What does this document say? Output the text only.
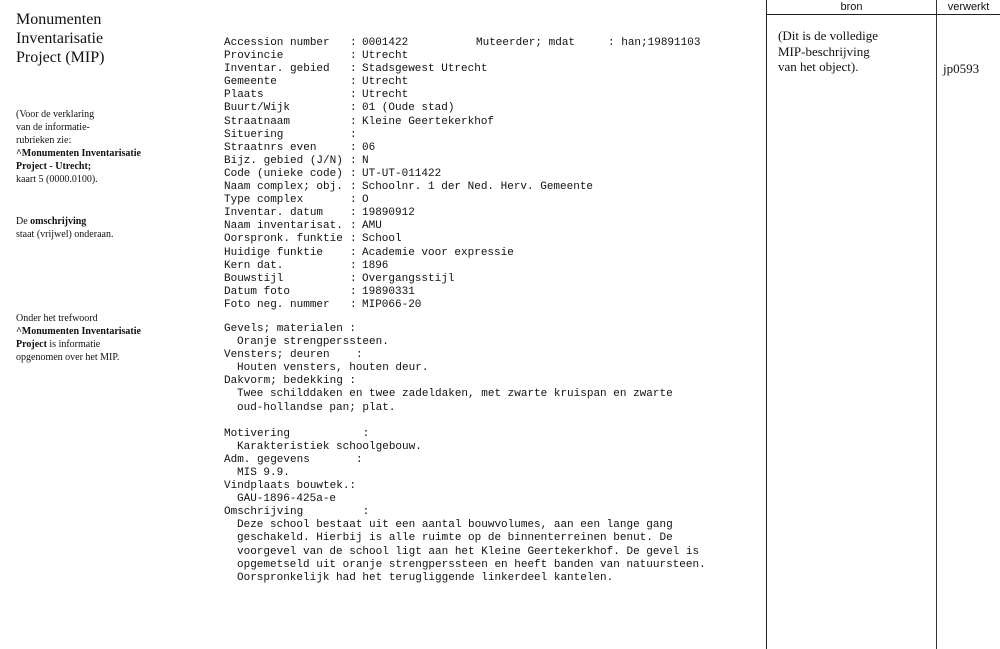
Monumenten
Inventarisatie
Project (MIP)
(Voor de verklaring
van de informatie-
rubrieken zie:
^Monumenten Inventarisatie
Project - Utrecht;
kaart 5 (0000.0100).
De omschrijving
staat (vrijwel) onderaan.
Onder het trefwoord
^Monumenten Inventarisatie
Project is informatie
opgenomen over het MIP.
Muteerder; mdat     : han;19891103
Accession number : 0001422
Provincie	: Utrecht
Inventar. gebied : Stadsgewest Utrecht
Gemeente	: Utrecht
Plaats	: Utrecht
Buurt/Wijk	: 01 (Oude stad)
Straatnaam	: Kleine Geertekerkhof
Situering	:
Straatnrs even	: 06
Bijz. gebied (J/N) : N
Code (unieke code) : UT-UT-011422
Naam complex; obj. : Schoolnr. 1 der Ned. Herv. Gemeente
Type complex	: O
Inventar. datum : 19890912
Naam inventarisat. : AMU
Oorspronk. funktie : School
Huidige funktie : Academie voor expressie
Kern dat.	: 1896
Bouwstijl	: Overgangsstijl
Datum foto	: 19890331
Foto neg. nummer : MIP066-20
Gevels; materialen :
Oranje strengperssteen.
Vensters; deuren    :
Houten vensters, houten deur.
Dakvorm; bedekking :
Twee schilddaken en twee zadeldaken, met zwarte kruispan en zwarte
oud-hollandse pan; plat.
Motivering           :
Karakteristiek schoolgebouw.
Adm. gegevens       :
MIS 9.9.
Vindplaats bouwtek.:
GAU-1896-425a-e
Omschrijving         :
Deze school bestaat uit een aantal bouwvolumes, aan een lange gang
geschakeld. Hierbij is alle ruimte op de binnenterreinen benut. De
voorgevel van de school ligt aan het Kleine Geertekerkhof. De gevel is
opgemetseld uit oranje strengperssteen en heeft banden van natuursteen.
Oorspronkelijk had het terugliggende linkerdeel kantelen.
bron	verwerkt
(Dit is de volledige
MIP-beschrijving
van het object).	jp0593
